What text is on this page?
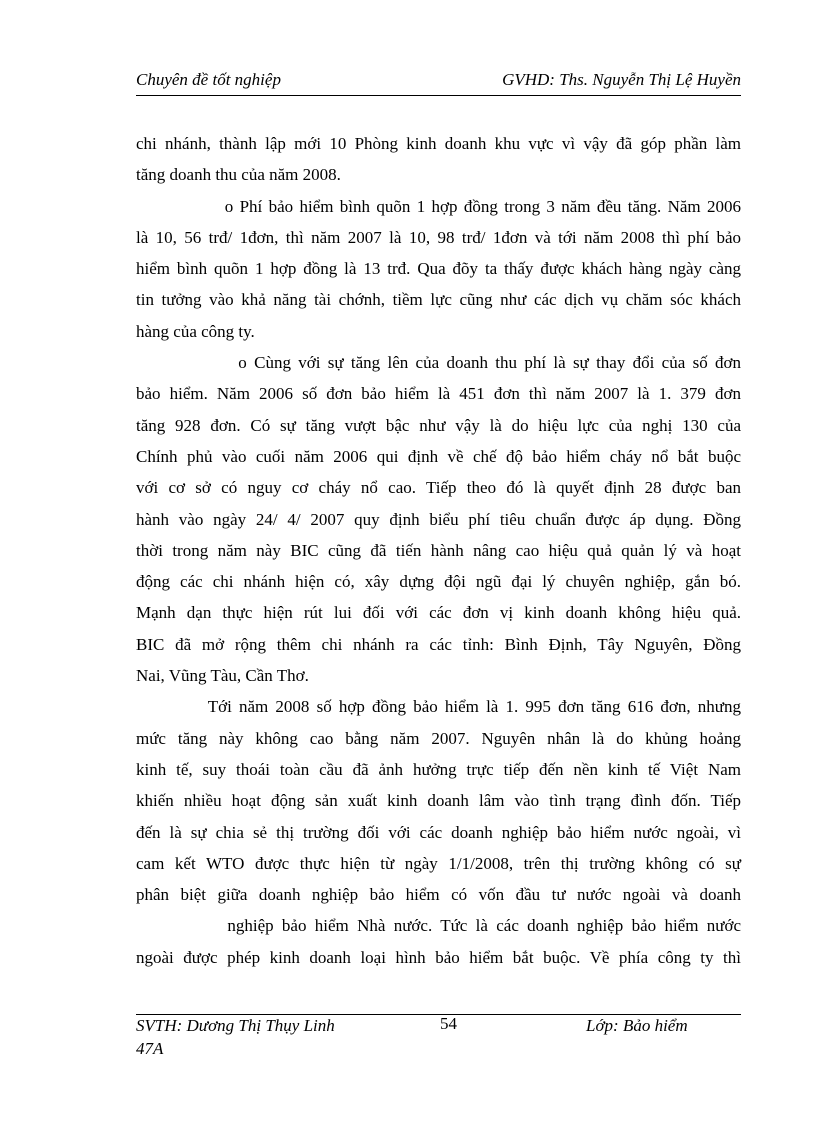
Chuyên đề tốt nghiệp	GVHD: Ths. Nguyễn Thị Lệ Huyền
chi nhánh, thành lập mới 10 Phòng kinh doanh khu vực vì vậy đã góp phần làm
tăng doanh thu của năm 2008.
o Phí bảo hiểm bình quõn 1 hợp đồng trong 3 năm đều tăng. Năm 2006
là 10, 56 trđ/ 1đơn, thì năm 2007 là 10, 98 trđ/ 1đơn và tới năm 2008 thì phí bảo
hiểm bình quõn 1 hợp đồng là 13 trđ. Qua đõy ta thấy được khách hàng ngày càng
tin tưởng vào khả năng tài chớnh, tiềm lực cũng như các dịch vụ chăm sóc khách
hàng của công ty.
o Cùng với sự tăng lên của doanh thu phí là sự thay đổi của số đơn
bảo hiểm. Năm 2006 số đơn bảo hiểm là 451 đơn thì năm 2007 là 1. 379 đơn
tăng 928 đơn. Có sự tăng vượt bậc như vậy là do hiệu lực của nghị 130 của
Chính phủ vào cuối năm 2006 qui định về chế độ bảo hiểm cháy nổ bắt buộc
với cơ sở có nguy cơ cháy nổ cao. Tiếp theo đó là quyết định 28 được ban
hành vào ngày 24/ 4/ 2007 quy định biểu phí tiêu chuẩn được áp dụng. Đồng
thời trong năm này BIC cũng đã tiến hành nâng cao hiệu quả quản lý và hoạt
động các chi nhánh hiện có, xây dựng đội ngũ đại lý chuyên nghiệp, gắn bó.
Mạnh dạn thực hiện rút lui đối với các đơn vị kinh doanh không hiệu quả.
BIC đã mở rộng thêm chi nhánh ra các tỉnh: Bình Định, Tây Nguyên, Đồng
Nai, Vũng Tàu, Cần Thơ.
Tới năm 2008 số hợp đồng bảo hiểm là 1. 995 đơn tăng 616 đơn, nhưng
mức tăng này không cao bằng năm 2007. Nguyên nhân là do khủng hoảng
kinh tế, suy thoái toàn cầu đã ảnh hưởng trực tiếp đến nền kinh tế Việt Nam
khiến nhiều hoạt động sản xuất kinh doanh lâm vào tình trạng đình đốn. Tiếp
đến là sự chia sẻ thị trường đối với các doanh nghiệp bảo hiểm nước ngoài, vì
cam kết WTO được thực hiện từ ngày 1/1/2008, trên thị trường không có sự
phân biệt giữa doanh nghiệp bảo hiểm có vốn đầu tư nước ngoài và doanh
nghiệp bảo hiểm Nhà nước. Tức là các doanh nghiệp bảo hiểm nước
ngoài được phép kinh doanh loại hình bảo hiểm bắt buộc. Về phía công ty thì
SVTH: Dương Thị Thụy Linh
47A
54	Lớp: Bảo hiểm
